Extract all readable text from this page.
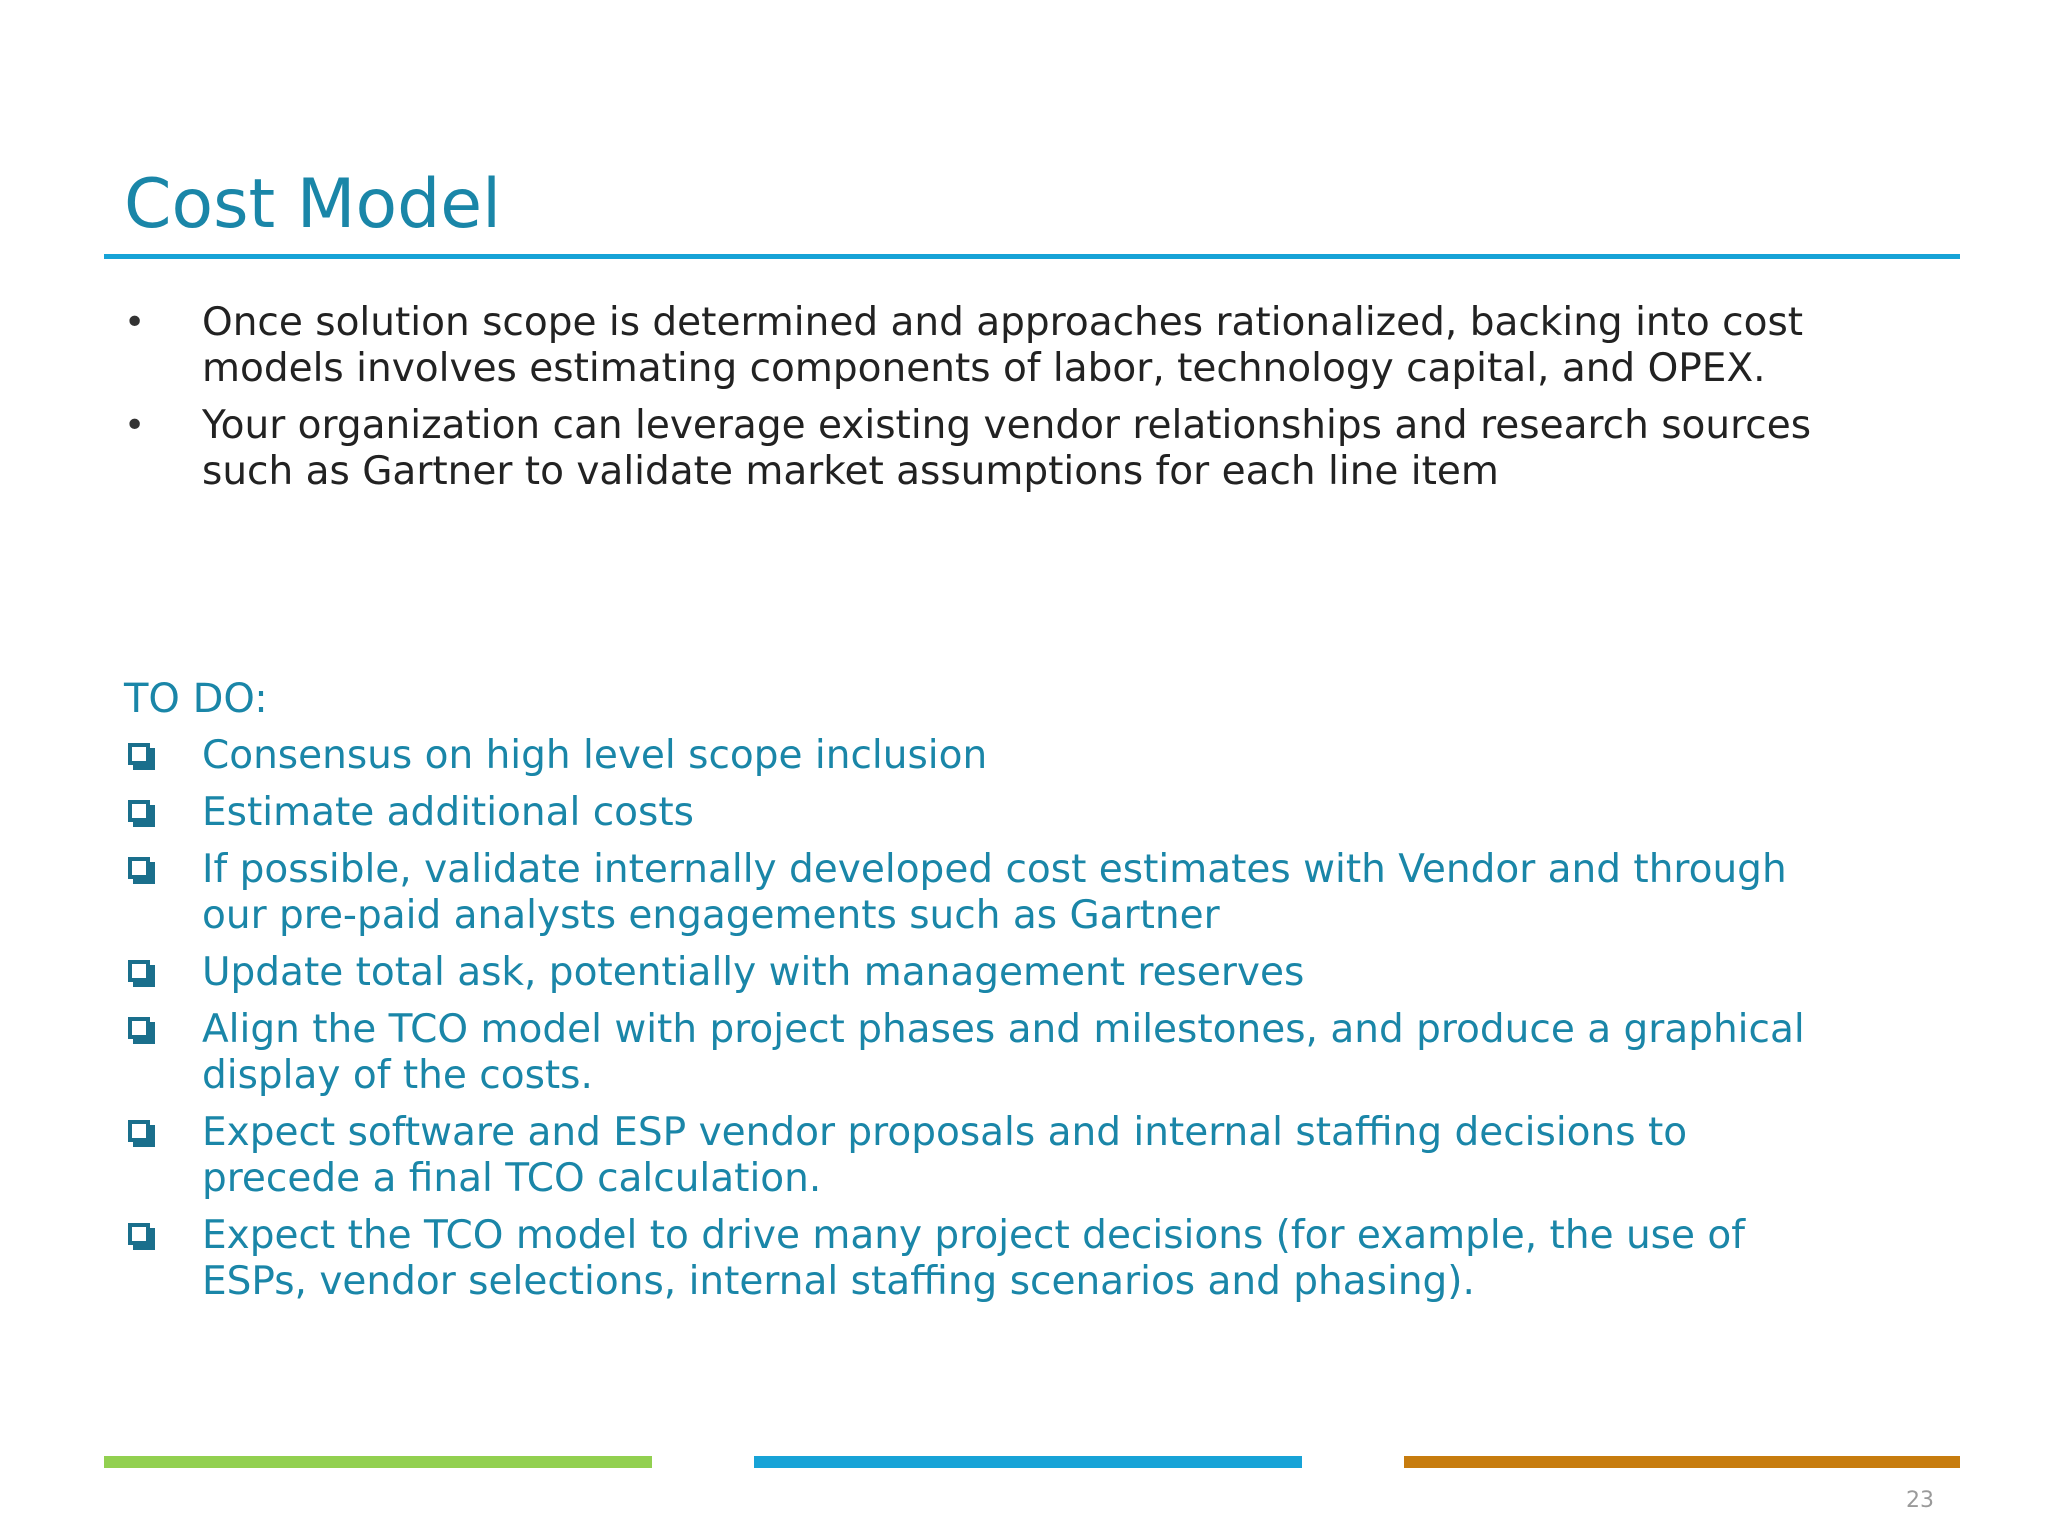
Cost Model
• Once solution scope is determined and approaches rationalized, backing into cost
models involves estimating components of labor, technology capital, and OPEX.
• Your organization can leverage existing vendor relationships and research sources
such as Gartner to validate market assumptions for each line item
TO DO:
Consensus on high level scope inclusion
Estimate additional costs
If possible, validate internally developed cost estimates with Vendor and through
our pre-paid analysts engagements such as Gartner
Update total ask, potentially with management reserves
Align the TCO model with project phases and milestones, and produce a graphical
display of the costs.
Expect software and ESP vendor proposals and internal staffing decisions to
precede a final TCO calculation.
Expect the TCO model to drive many project decisions (for example, the use of
ESPs, vendor selections, internal staffing scenarios and phasing).
23
